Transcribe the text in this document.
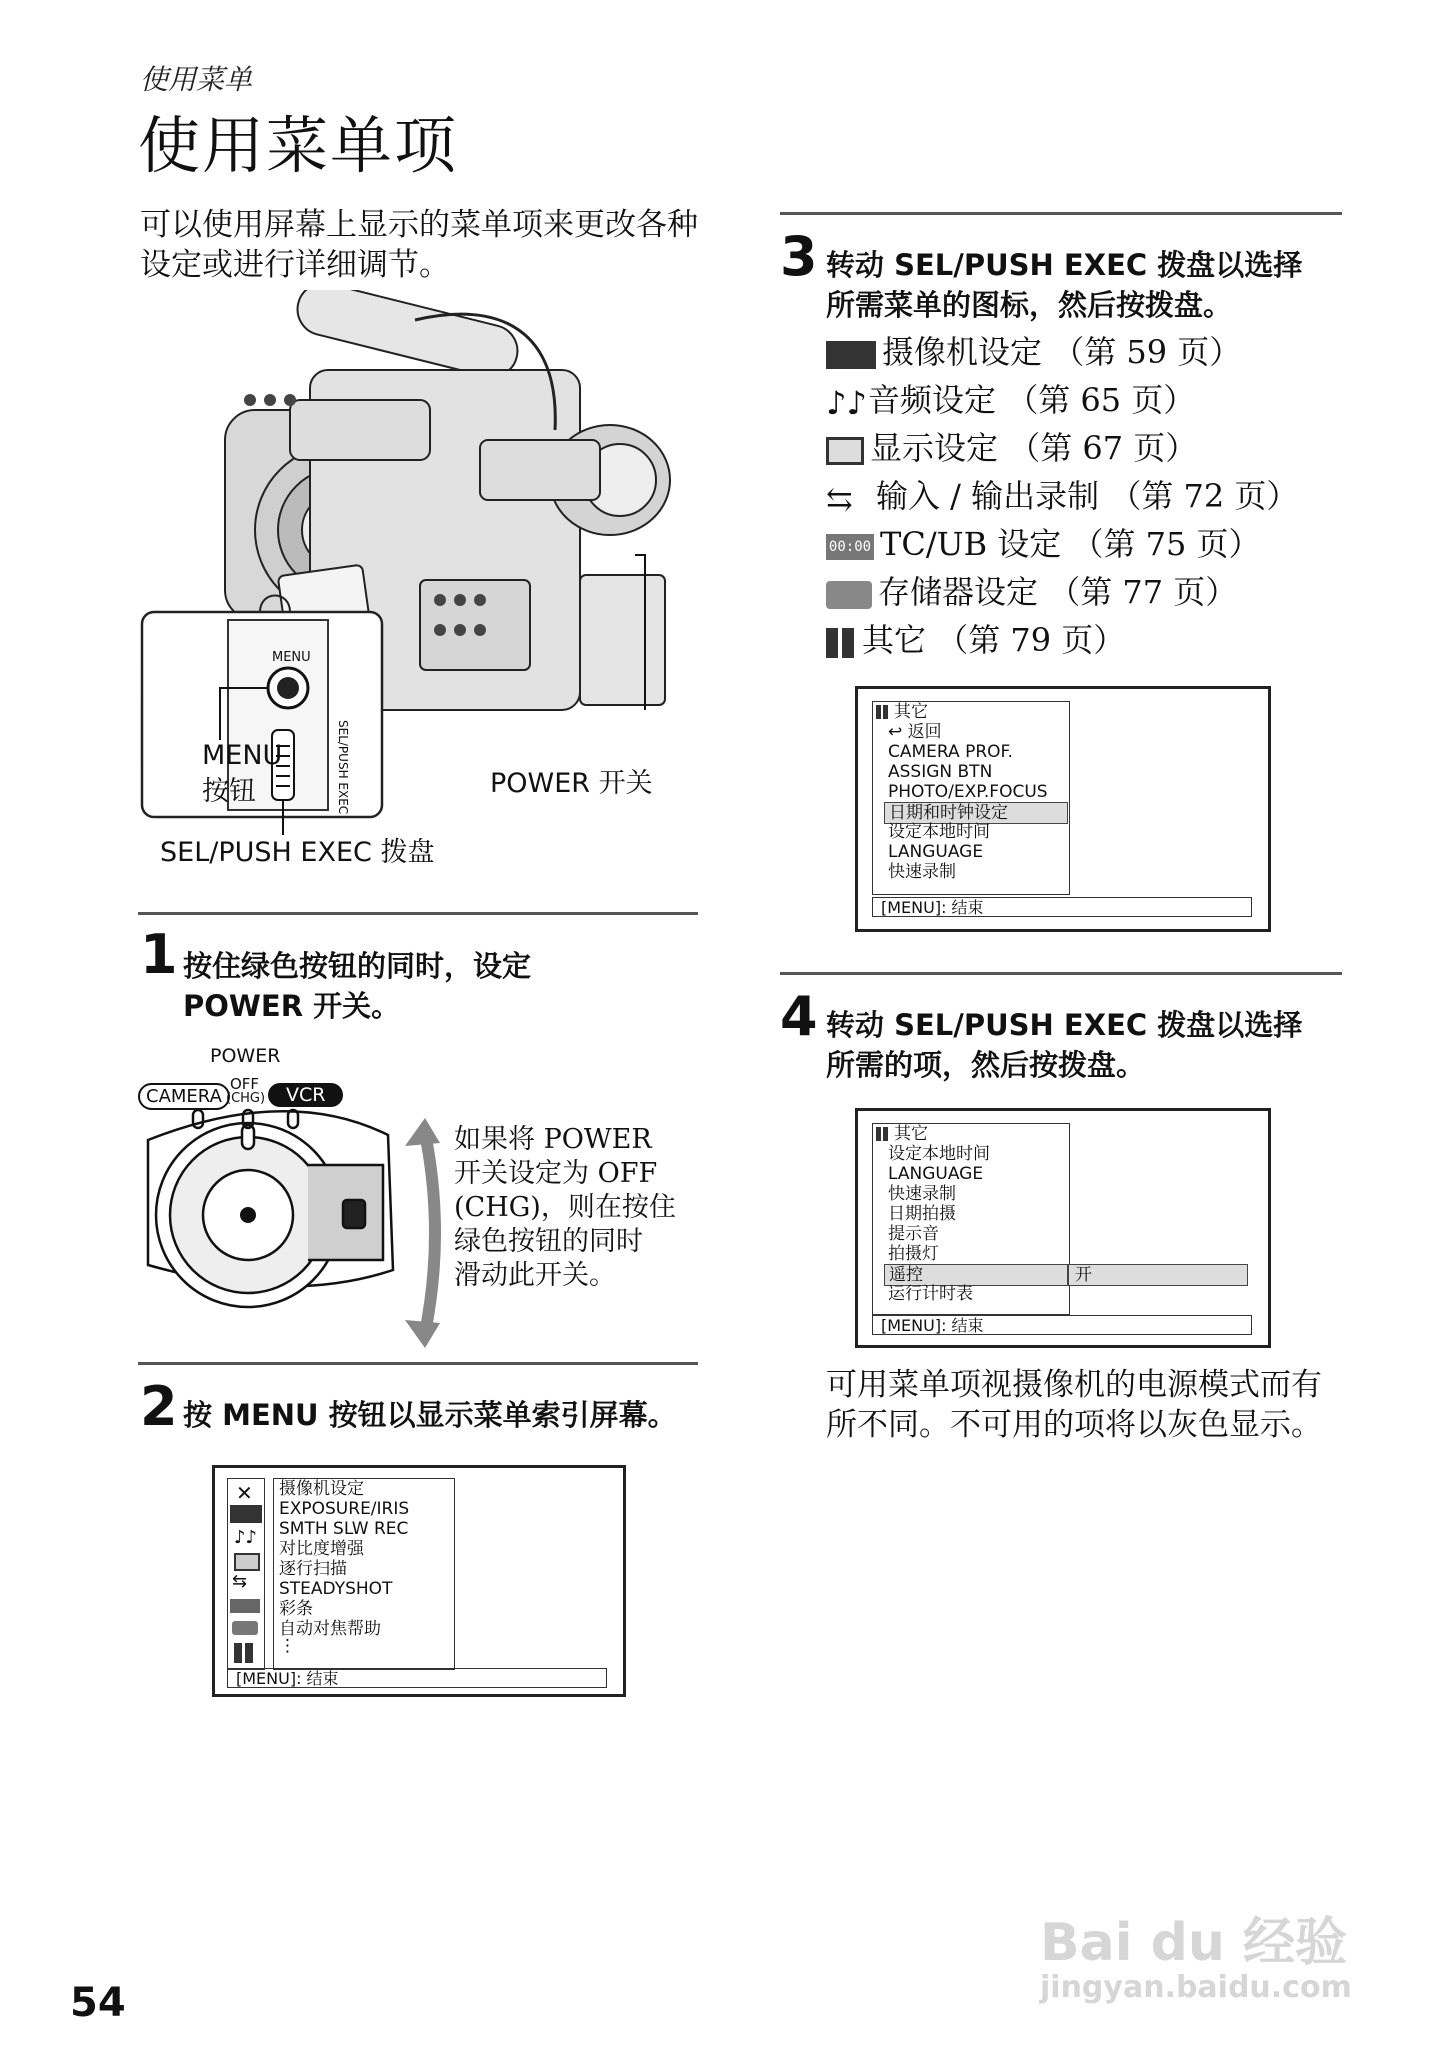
使用菜单
使用菜单项
可以使用屏幕上显示的菜单项来更改各种设定或进行详细调节。
MENU
SEL/PUSH EXEC
MENU
按钮	POWER 开关
SEL/PUSH EXEC 拨盘
1 按住绿色按钮的同时，设定
POWER 开关。
POWER
CAMERA
OFF
(CHG)	VCR
如果将 POWER
开关设定为 OFF
(CHG)，则在按住
绿色按钮的同时
滑动此开关。
2 按 MENU 按钮以显示菜单索引屏幕。
✕
♪♪
⇆
摄像机设定
EXPOSURE/IRIS
SMTH SLW REC
对比度增强
逐行扫描
STEADYSHOT
彩条
自动对焦帮助
⋮
[MENU]: 结束
3 转动 SEL/PUSH EXEC 拨盘以选择
所需菜单的图标，然后按拨盘。
摄像机设定 （第 59 页）
♪♪音频设定 （第 65 页）
显示设定 （第 67 页）
⇆ 输入 / 输出录制 （第 72 页）
00:00 TC/UB 设定 （第 75 页）
存储器设定 （第 77 页）
其它 （第 79 页）
其它
↩ 返回
CAMERA PROF.
ASSIGN BTN
PHOTO/EXP.FOCUS
日期和时钟设定
设定本地时间
LANGUAGE
快速录制
[MENU]: 结束
4 转动 SEL/PUSH EXEC 拨盘以选择
所需的项，然后按拨盘。
其它
设定本地时间
LANGUAGE
快速录制
日期拍摄
提示音
拍摄灯
遥控	开
运行计时表
[MENU]: 结束
可用菜单项视摄像机的电源模式而有所不同。不可用的项将以灰色显示。
54
Bai du 经验
jingyan.baidu.com
